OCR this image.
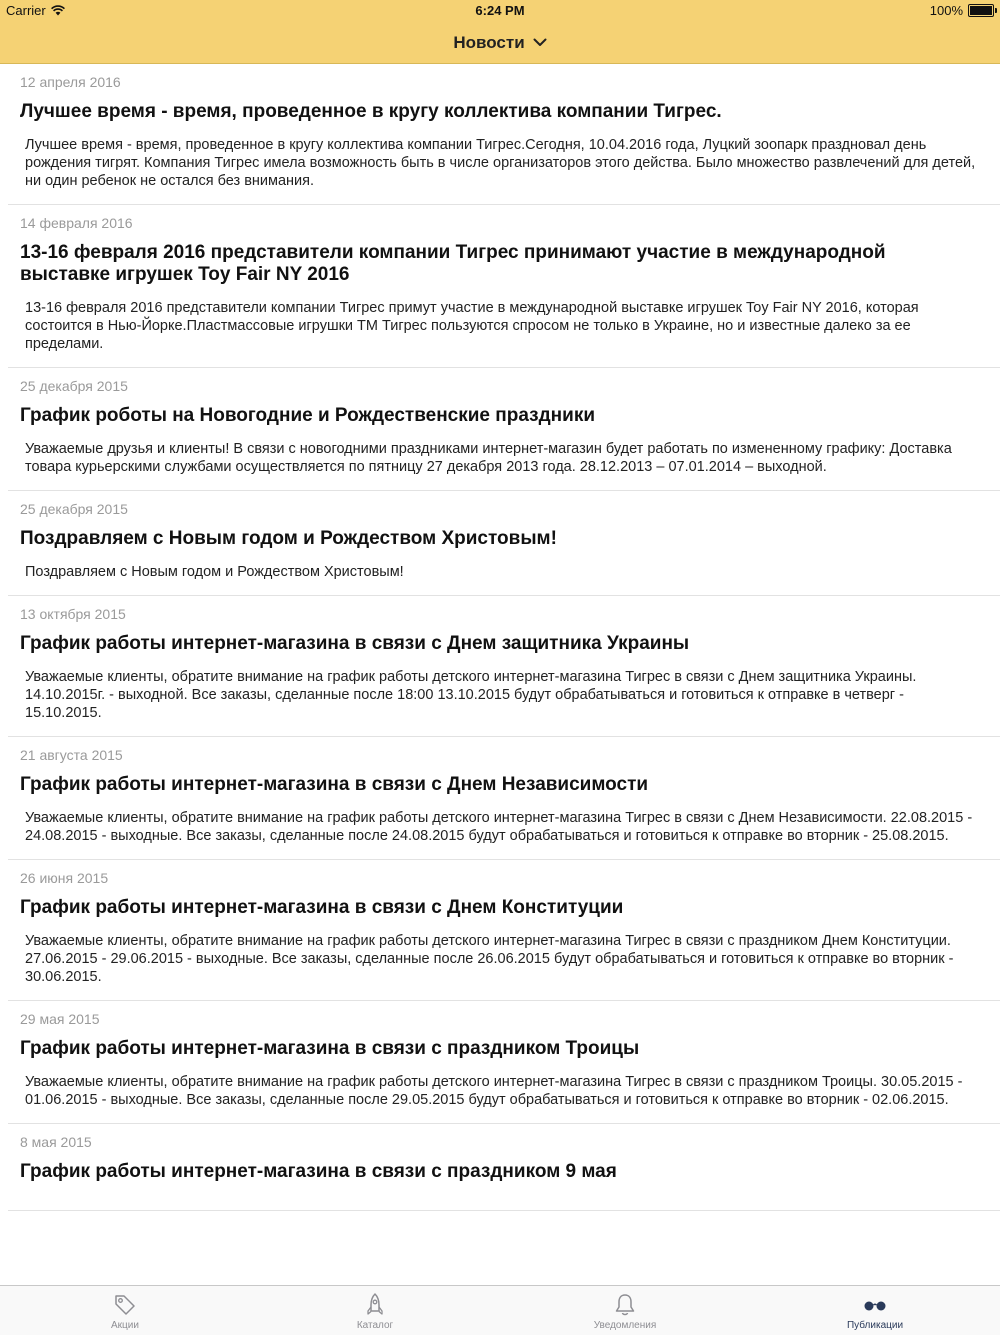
Carrier	6:24 PM	100%
Новости
12 апреля 2016
Лучшее время - время, проведенное в кругу коллектива компании Тигрес.
Лучшее время - время, проведенное в кругу коллектива компании Тигрес.Сегодня, 10.04.2016 года, Луцкий зоопарк праздновал день рождения тигрят. Компания Тигрес имела возможность быть в числе организаторов этого действа. Было множество развлечений для детей, ни один ребенок не остался без внимания.
14 февраля 2016
13-16 февраля 2016 представители компании Тигрес принимают участие в международной выставке игрушек Toy Fair NY 2016
13-16 февраля 2016 представители компании Тигрес примут участие в международной выставке игрушек Toy Fair NY 2016, которая состоится в Нью-Йорке.Пластмассовые игрушки ТМ Тигрес пользуются спросом не только в Украине, но и известные далеко за ее пределами.
25 декабря 2015
График роботы на Новогодние и Рождественские праздники
Уважаемые друзья и клиенты! В связи с новогодними праздниками интернет-магазин будет работать по измененному графику: Доставка товара курьерскими службами осуществляется по пятницу 27 декабря 2013 года. 28.12.2013 – 07.01.2014 – выходной.
25 декабря 2015
Поздравляем с Новым годом и Рождеством Христовым!
Поздравляем с Новым годом и Рождеством Христовым!
13 октября 2015
График работы интернет-магазина в связи с Днем защитника Украины
Уважаемые клиенты, обратите внимание на график работы детского интернет-магазина Тигрес в связи с Днем защитника Украины. 14.10.2015г. - выходной. Все заказы, сделанные после 18:00 13.10.2015 будут обрабатываться и готовиться к отправке в четверг - 15.10.2015.
21 августа 2015
График работы интернет-магазина в связи с Днем Независимости
Уважаемые клиенты, обратите внимание на график работы детского интернет-магазина Тигрес в связи с Днем Независимости. 22.08.2015 - 24.08.2015 - выходные. Все заказы, сделанные после 24.08.2015 будут обрабатываться и готовиться к отправке во вторник - 25.08.2015.
26 июня 2015
График работы интернет-магазина в связи с Днем Конституции
Уважаемые клиенты, обратите внимание на график работы детского интернет-магазина Тигрес в связи с праздником Днем Конституции. 27.06.2015 - 29.06.2015 - выходные. Все заказы, сделанные после 26.06.2015 будут обрабатываться и готовиться к отправке во вторник - 30.06.2015.
29 мая 2015
График работы интернет-магазина в связи с праздником Троицы
Уважаемые клиенты, обратите внимание на график работы детского интернет-магазина Тигрес в связи с праздником Троицы. 30.05.2015 - 01.06.2015 - выходные. Все заказы, сделанные после 29.05.2015 будут обрабатываться и готовиться к отправке во вторник - 02.06.2015.
8 мая 2015
График работы интернет-магазина в связи с праздником 9 мая
Акции	Каталог	Уведомления	Публикации
